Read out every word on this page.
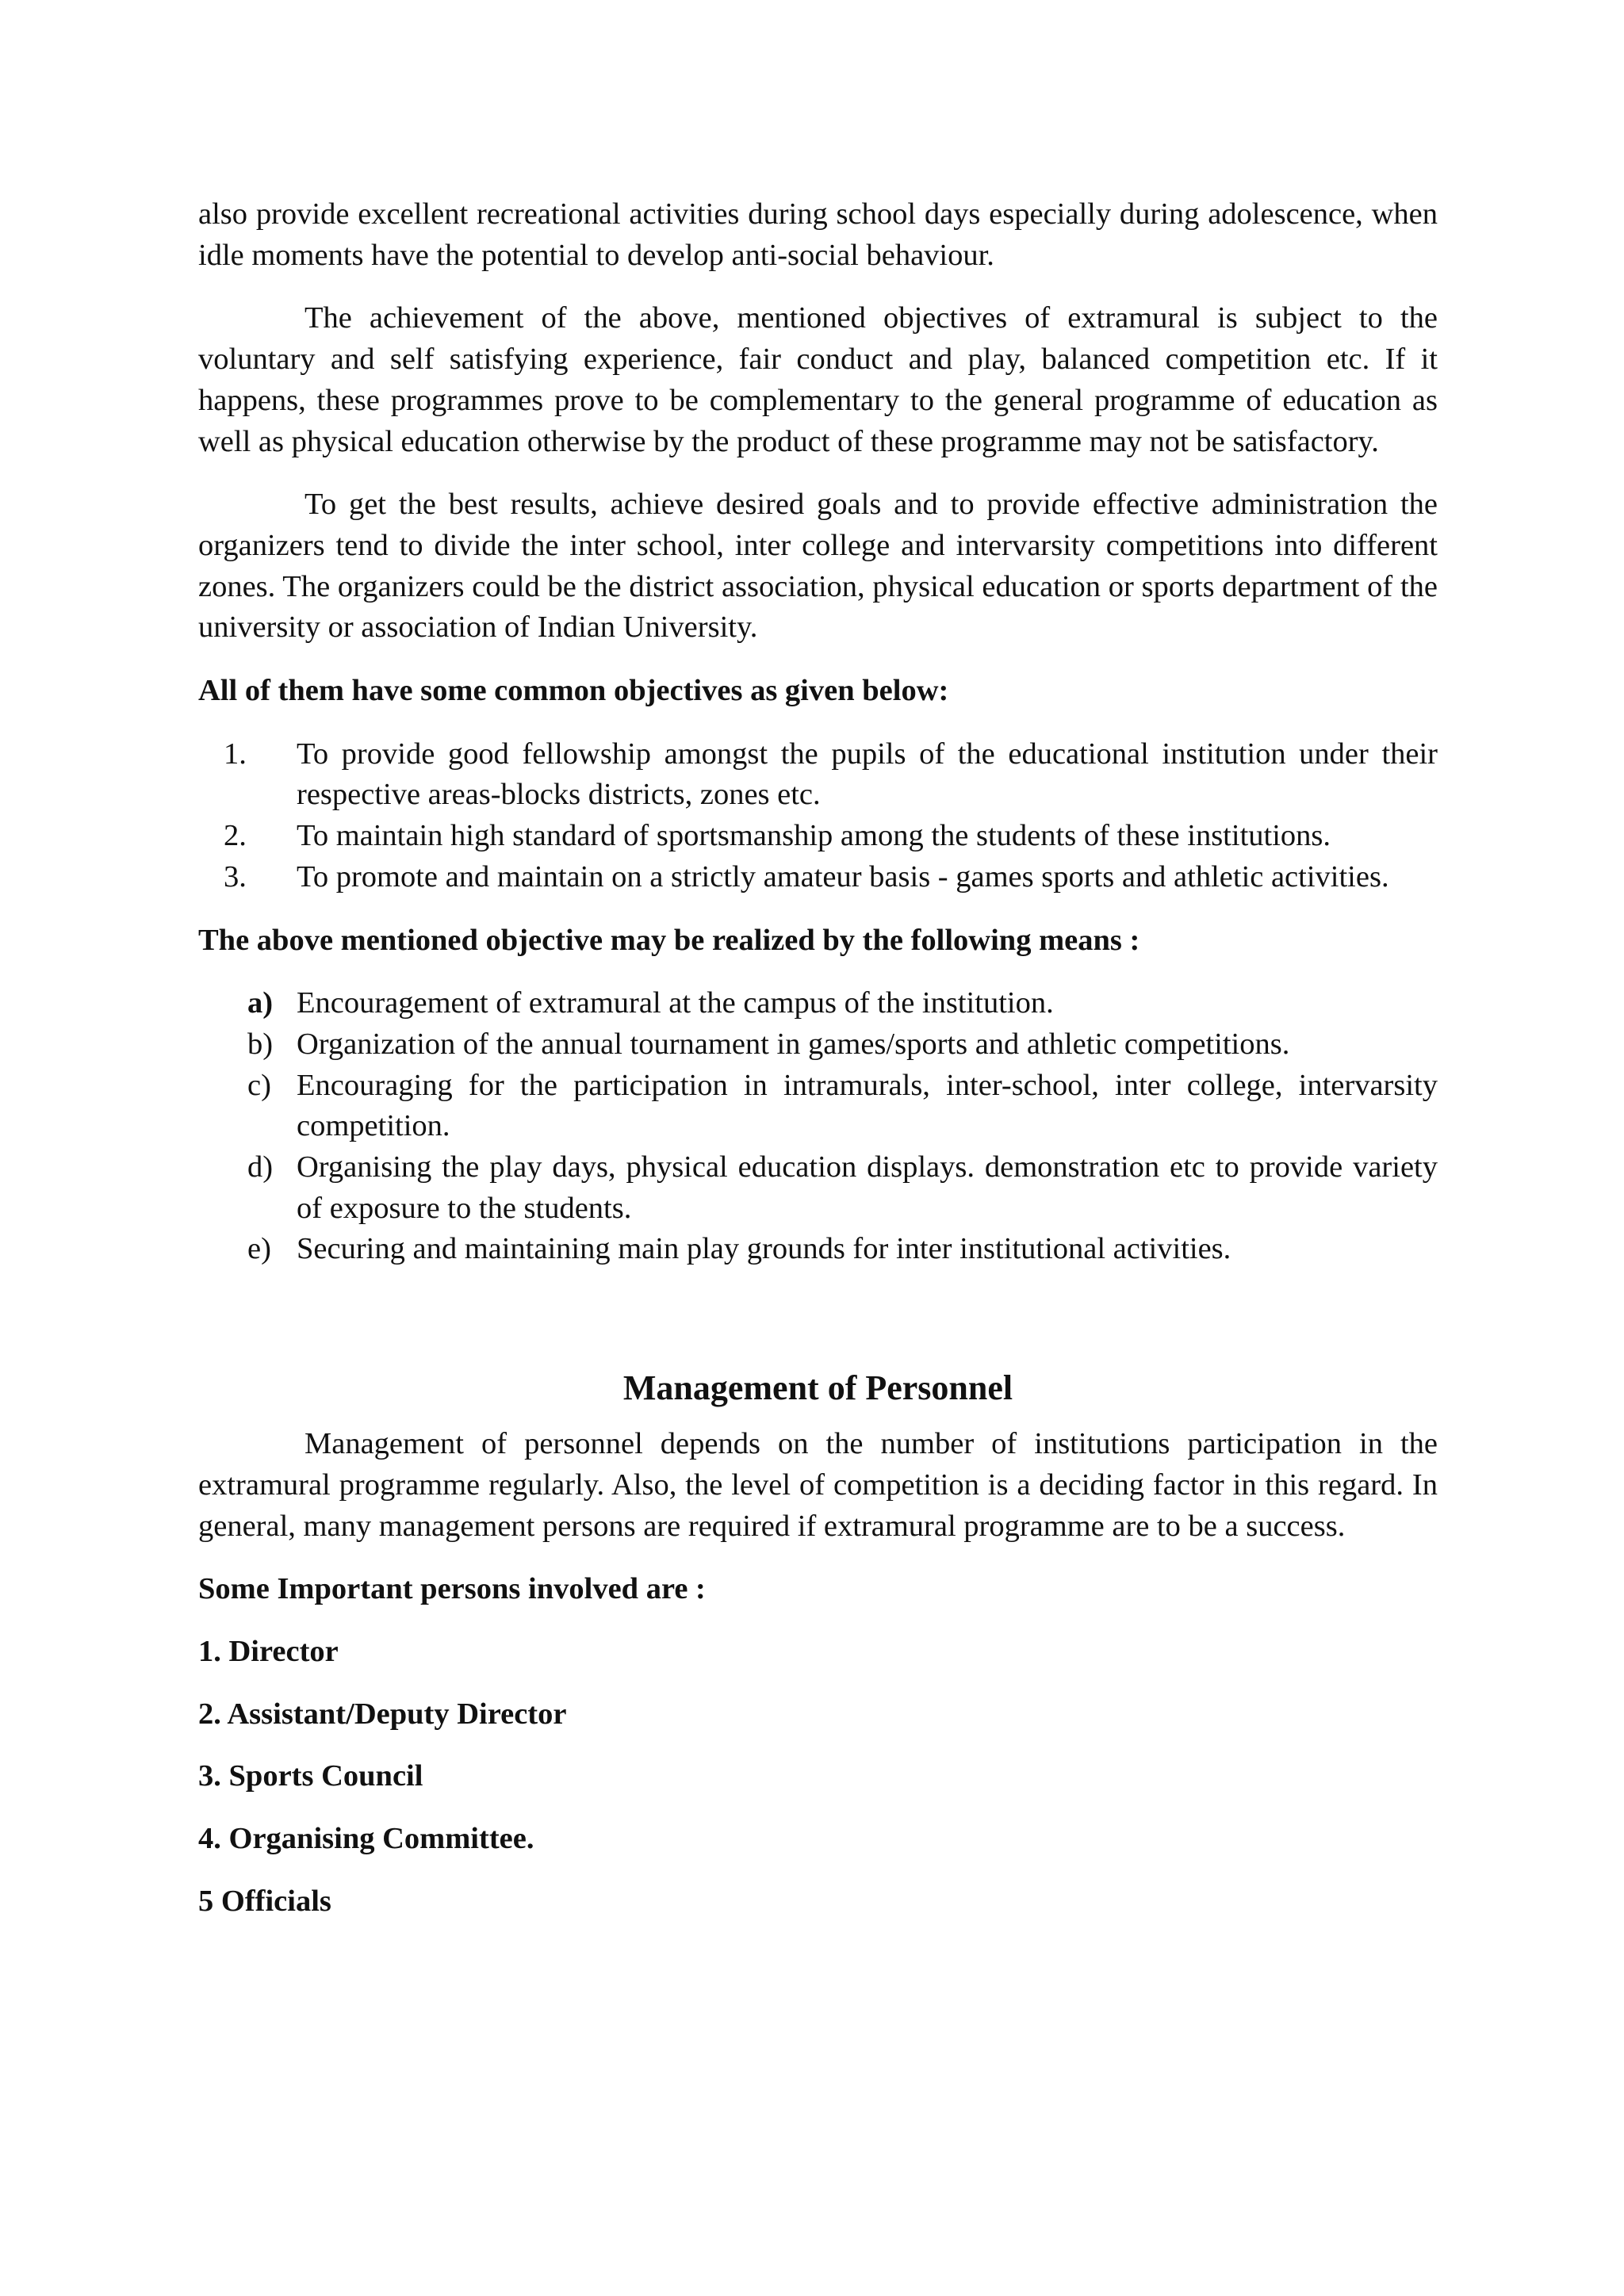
also provide excellent recreational activities during school days especially during adolescence, when idle moments have the potential to develop anti-social behaviour.

The achievement of the above, mentioned objectives of extramural is subject to the voluntary and self satisfying experience, fair conduct and play, balanced competition etc. If it happens, these programmes prove to be complementary to the general programme of education as well as physical education otherwise by the product of these programme may not be satisfactory.

To get the best results, achieve desired goals and to provide effective administration the organizers tend to divide the inter school, inter college and intervarsity competitions into different zones. The organizers could be the district association, physical education or sports department of the university or association of Indian University.

All of them have some common objectives as given below:

1.	To provide good fellowship amongst the pupils of the educational institution under their respective areas-blocks districts, zones etc.
2.	To maintain high standard of sportsmanship among the students of these institutions.
3.	To promote and maintain on a strictly amateur basis - games sports and athletic activities.

The above mentioned objective may be realized by the following means :

a) Encouragement of extramural at the campus of the institution.
b) Organization of the annual tournament in games/sports and athletic competitions.
c) Encouraging for the participation in intramurals, inter-school, inter college, intervarsity competition.
d) Organising the play days, physical education displays. demonstration etc to provide variety of exposure to the students.
e) Securing and maintaining main play grounds for inter institutional activities.
Management of Personnel

Management of personnel depends on the number of institutions participation in the extramural programme regularly. Also, the level of competition is a deciding factor in this regard. In general, many management persons are required if extramural programme are to be a success.

Some Important persons involved are :

1. Director

2. Assistant/Deputy Director

3. Sports Council

4. Organising Committee.

5 Officials
